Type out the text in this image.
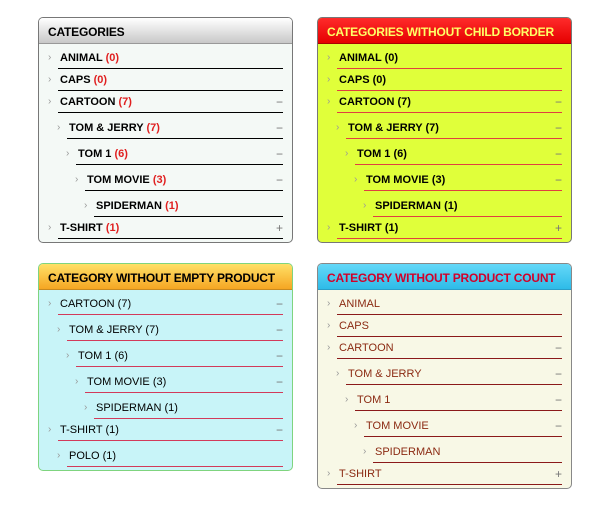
CATEGORIES
› ANIMAL (0)
› CAPS (0)
› CARTOON (7)	−
› TOM & JERRY (7)	−
› TOM 1 (6)	−
› TOM MOVIE (3)	−
› SPIDERMAN (1)
› T-SHIRT (1)	+
CATEGORIES WITHOUT CHILD BORDER
› ANIMAL (0)
› CAPS (0)
› CARTOON (7)	−
› TOM & JERRY (7)	−
› TOM 1 (6)	−
› TOM MOVIE (3)	−
› SPIDERMAN (1)
› T-SHIRT (1)	+
CATEGORY WITHOUT EMPTY PRODUCT
› CARTOON (7)	−
› TOM & JERRY (7)	−
› TOM 1 (6)	−
› TOM MOVIE (3)	−
› SPIDERMAN (1)
› T-SHIRT (1)	−
› POLO (1)
CATEGORY WITHOUT PRODUCT COUNT
› ANIMAL
› CAPS
› CARTOON	−
› TOM & JERRY	−
› TOM 1	−
› TOM MOVIE	−
› SPIDERMAN
› T-SHIRT	+
